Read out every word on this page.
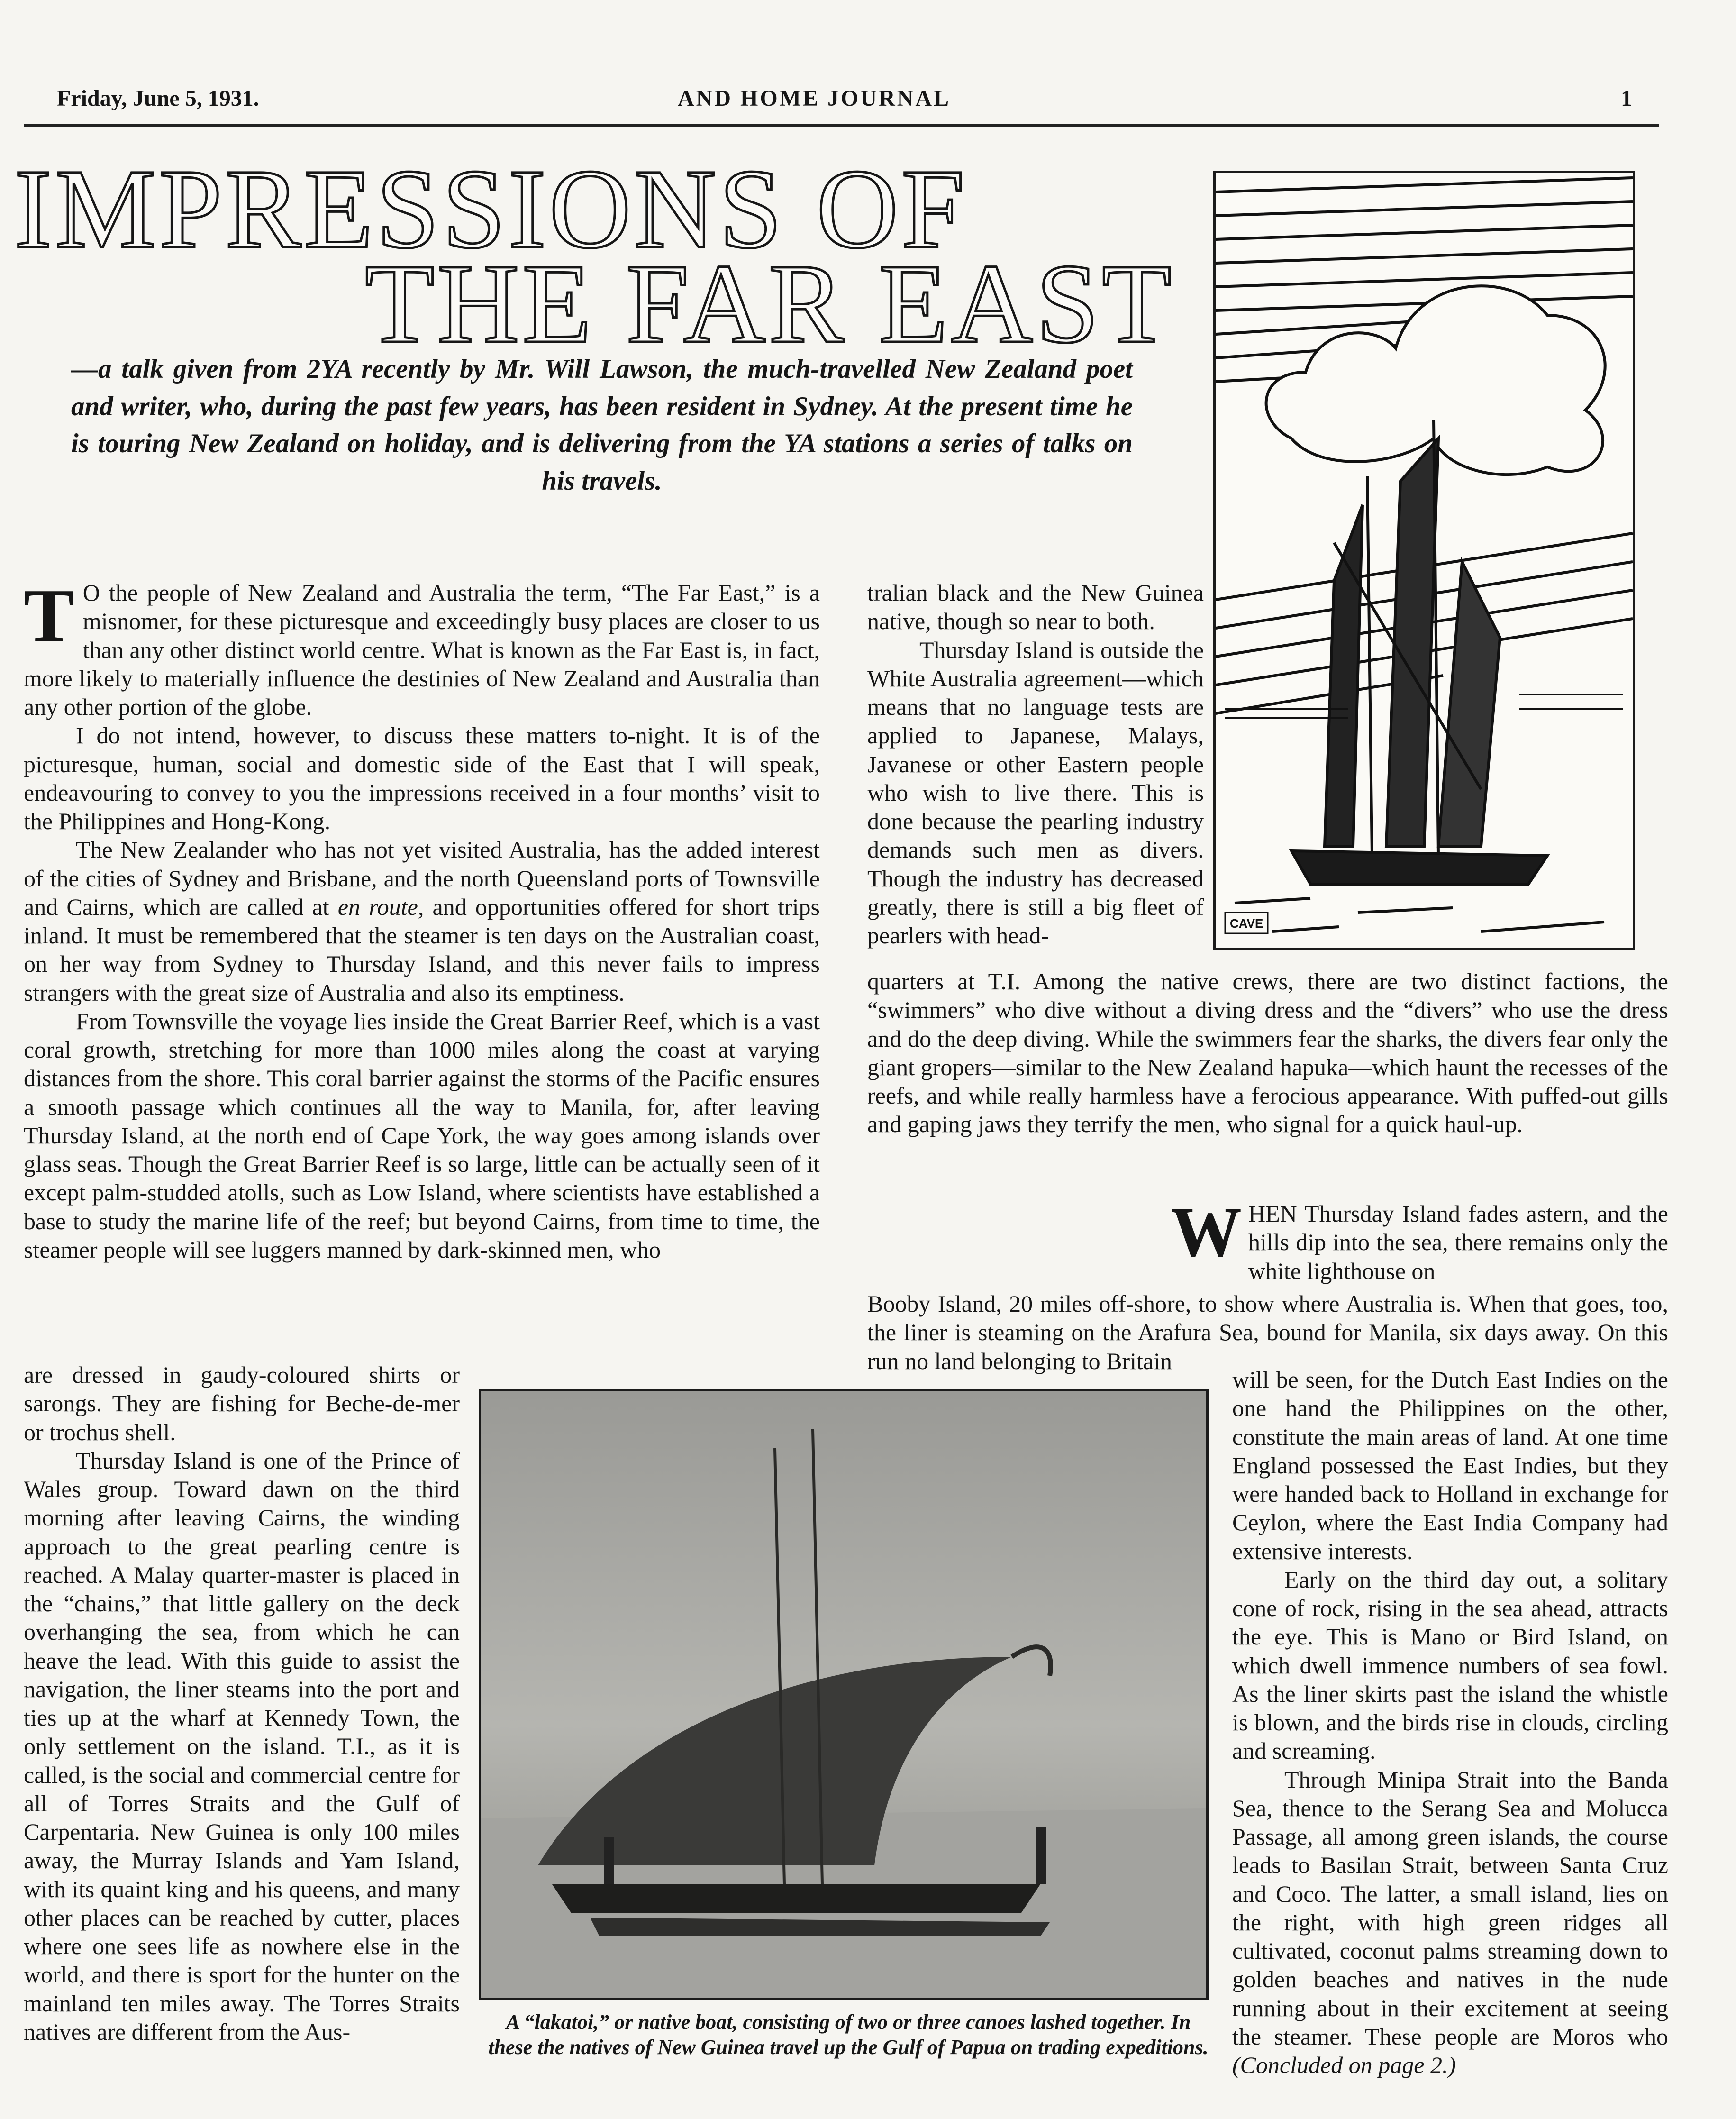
Friday, June 5, 1931.	AND HOME JOURNAL	1
IMPRESSIONS OF
THE FAR EAST
—a talk given from 2YA recently by Mr. Will Lawson, the much-travelled New Zealand poet and writer, who, during the past few years, has been resident in Sydney. At the present time he is touring New Zealand on holiday, and is delivering from the YA stations a series of talks on his travels.
CAVE

T O the people of New Zealand and Australia the term, “The Far East,” is a misnomer, for these picturesque and exceedingly busy places are closer to us than any other distinct world centre. What is known as the Far East is, in fact, more likely to materially influence the destinies of New Zealand and Australia than any other portion of the globe.

I do not intend, however, to discuss these matters to-night. It is of the picturesque, human, social and domestic side of the East that I will speak, endeavouring to convey to you the impressions received in a four months’ visit to the Philippines and Hong-Kong.

The New Zealander who has not yet visited Australia, has the added interest of the cities of Sydney and Brisbane, and the north Queensland ports of Townsville and Cairns, which are called at en route, and opportunities offered for short trips inland. It must be remembered that the steamer is ten days on the Australian coast, on her way from Sydney to Thursday Island, and this never fails to impress strangers with the great size of Australia and also its emptiness.

From Townsville the voyage lies inside the Great Barrier Reef, which is a vast coral growth, stretching for more than 1000 miles along the coast at varying distances from the shore. This coral barrier against the storms of the Pacific ensures a smooth passage which continues all the way to Manila, for, after leaving Thursday Island, at the north end of Cape York, the way goes among islands over glass seas. Though the Great Barrier Reef is so large, little can be actually seen of it except palm-studded atolls, such as Low Island, where scientists have established a base to study the marine life of the reef; but beyond Cairns, from time to time, the steamer people will see luggers manned by dark-skinned men, who

are dressed in gaudy-coloured shirts or sarongs. They are fishing for Beche-de-mer or trochus shell.

Thursday Island is one of the Prince of Wales group. Toward dawn on the third morning after leaving Cairns, the winding approach to the great pearling centre is reached. A Malay quarter-master is placed in the “chains,” that little gallery on the deck overhanging the sea, from which he can heave the lead. With this guide to assist the navigation, the liner steams into the port and ties up at the wharf at Kennedy Town, the only settlement on the island. T.I., as it is called, is the social and commercial centre for all of Torres Straits and the Gulf of Carpentaria. New Guinea is only 100 miles away, the Murray Islands and Yam Island, with its quaint king and his queens, and many other places can be reached by cutter, places where one sees life as nowhere else in the world, and there is sport for the hunter on the mainland ten miles away. The Torres Straits natives are different from the Aus-

tralian black and the New Guinea native, though so near to both.

Thursday Island is outside the White Australia agreement—which means that no language tests are applied to Japanese, Malays, Javanese or other Eastern people who wish to live there. This is done because the pearling industry demands such men as divers. Though the industry has decreased greatly, there is still a big fleet of pearlers with head-

quarters at T.I. Among the native crews, there are two distinct factions, the “swimmers” who dive without a diving dress and the “divers” who use the dress and do the deep diving. While the swimmers fear the sharks, the divers fear only the giant gropers—similar to the New Zealand hapuka—which haunt the recesses of the reefs, and while really harmless have a ferocious appearance. With puffed-out gills and gaping jaws they terrify the men, who signal for a quick haul-up.

WHEN Thursday Island fades astern, and the hills dip into the sea, there remains only the white lighthouse on

Booby Island, 20 miles off-shore, to show where Australia is. When that goes, too, the liner is steaming on the Arafura Sea, bound for Manila, six days away. On this run no land belonging to Britain

will be seen, for the Dutch East Indies on the one hand the Philippines on the other, constitute the main areas of land. At one time England possessed the East Indies, but they were handed back to Holland in exchange for Ceylon, where the East India Company had extensive interests.

Early on the third day out, a solitary cone of rock, rising in the sea ahead, attracts the eye. This is Mano or Bird Island, on which dwell immence numbers of sea fowl. As the liner skirts past the island the whistle is blown, and the birds rise in clouds, circling and screaming.

Through Minipa Strait into the Banda Sea, thence to the Serang Sea and Molucca Passage, all among green islands, the course leads to Basilan Strait, between Santa Cruz and Coco. The latter, a small island, lies on the right, with high green ridges all cultivated, coconut palms streaming down to golden beaches and natives in the nude running about in their excitement at seeing the steamer. These people are Moros who (Concluded on page 2.)

A “lakatoi,” or native boat, consisting of two or three canoes lashed together. In these the natives of New Guinea travel up the Gulf of Papua on trading expeditions.
